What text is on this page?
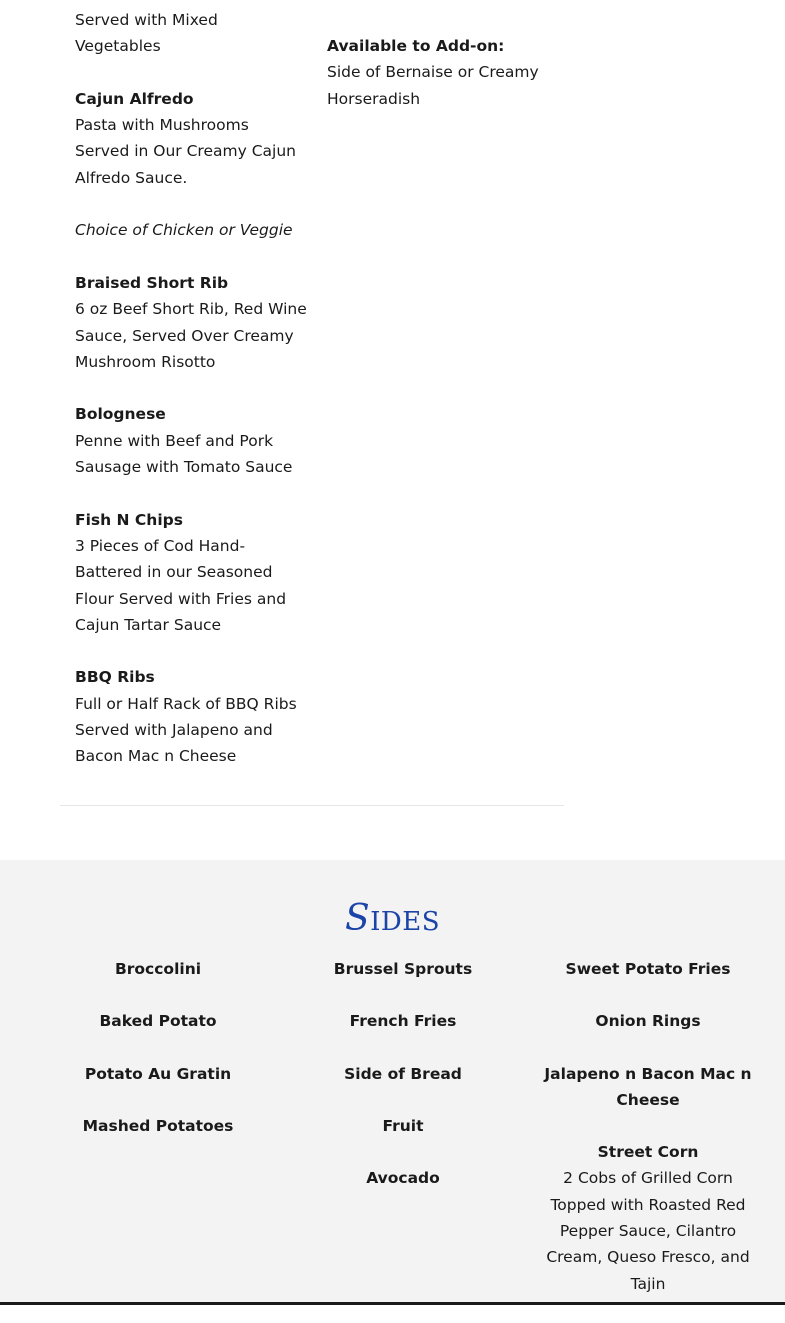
Served with Mixed Vegetables
Cajun Alfredo
Pasta with Mushrooms Served in Our Creamy Cajun Alfredo Sauce.
Choice of Chicken or Veggie
Braised Short Rib
6 oz Beef Short Rib, Red Wine Sauce, Served Over Creamy Mushroom Risotto
Bolognese
Penne with Beef and Pork Sausage with Tomato Sauce
Fish N Chips
3 Pieces of Cod Hand-Battered in our Seasoned Flour Served with Fries and Cajun Tartar Sauce
BBQ Ribs
Full or Half Rack of BBQ Ribs Served with Jalapeno and Bacon Mac n Cheese
Available to Add-on:
Side of Bernaise or Creamy Horseradish
SIDES
Broccolini
Baked Potato
Potato Au Gratin
Mashed Potatoes
Brussel Sprouts
French Fries
Side of Bread
Fruit
Avocado
Sweet Potato Fries
Onion Rings
Jalapeno n Bacon Mac n Cheese
Street Corn
2 Cobs of Grilled Corn Topped with Roasted Red Pepper Sauce, Cilantro Cream, Queso Fresco, and Tajin
